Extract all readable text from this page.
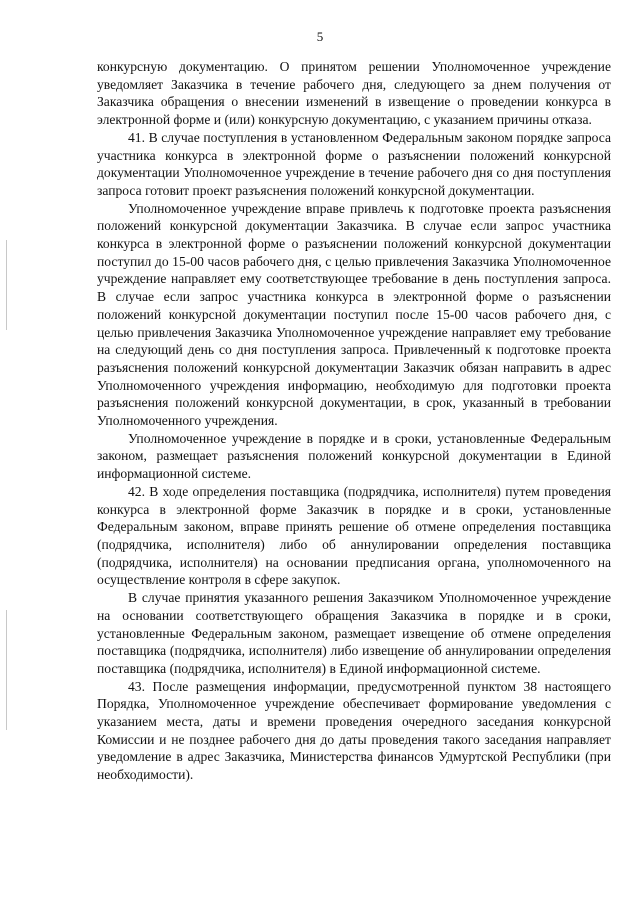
5

конкурсную документацию. О принятом решении Уполномоченное учреждение уведомляет Заказчика в течение рабочего дня, следующего за днем получения от Заказчика обращения о внесении изменений в извещение о проведении конкурса в электронной форме и (или) конкурсную документацию, с указанием причины отказа.

41. В случае поступления в установленном Федеральным законом порядке запроса участника конкурса в электронной форме о разъяснении положений конкурсной документации Уполномоченное учреждение в течение рабочего дня со дня поступления запроса готовит проект разъяснения положений конкурсной документации.

Уполномоченное учреждение вправе привлечь к подготовке проекта разъяснения положений конкурсной документации Заказчика. В случае если запрос участника конкурса в электронной форме о разъяснении положений конкурсной документации поступил до 15-00 часов рабочего дня, с целью привлечения Заказчика Уполномоченное учреждение направляет ему соответствующее требование в день поступления запроса. В случае если запрос участника конкурса в электронной форме о разъяснении положений конкурсной документации поступил после 15-00 часов рабочего дня, с целью привлечения Заказчика Уполномоченное учреждение направляет ему требование на следующий день со дня поступления запроса. Привлеченный к подготовке проекта разъяснения положений конкурсной документации Заказчик обязан направить в адрес Уполномоченного учреждения информацию, необходимую для подготовки проекта разъяснения положений конкурсной документации, в срок, указанный в требовании Уполномоченного учреждения.

Уполномоченное учреждение в порядке и в сроки, установленные Федеральным законом, размещает разъяснения положений конкурсной документации в Единой информационной системе.

42. В ходе определения поставщика (подрядчика, исполнителя) путем проведения конкурса в электронной форме Заказчик в порядке и в сроки, установленные Федеральным законом, вправе принять решение об отмене определения поставщика (подрядчика, исполнителя) либо об аннулировании определения поставщика (подрядчика, исполнителя) на основании предписания органа, уполномоченного на осуществление контроля в сфере закупок.

В случае принятия указанного решения Заказчиком Уполномоченное учреждение на основании соответствующего обращения Заказчика в порядке и в сроки, установленные Федеральным законом, размещает извещение об отмене определения поставщика (подрядчика, исполнителя) либо извещение об аннулировании определения поставщика (подрядчика, исполнителя) в Единой информационной системе.

43. После размещения информации, предусмотренной пунктом 38 настоящего Порядка, Уполномоченное учреждение обеспечивает формирование уведомления с указанием места, даты и времени проведения очередного заседания конкурсной Комиссии и не позднее рабочего дня до даты проведения такого заседания направляет уведомление в адрес Заказчика, Министерства финансов Удмуртской Республики (при необходимости).
